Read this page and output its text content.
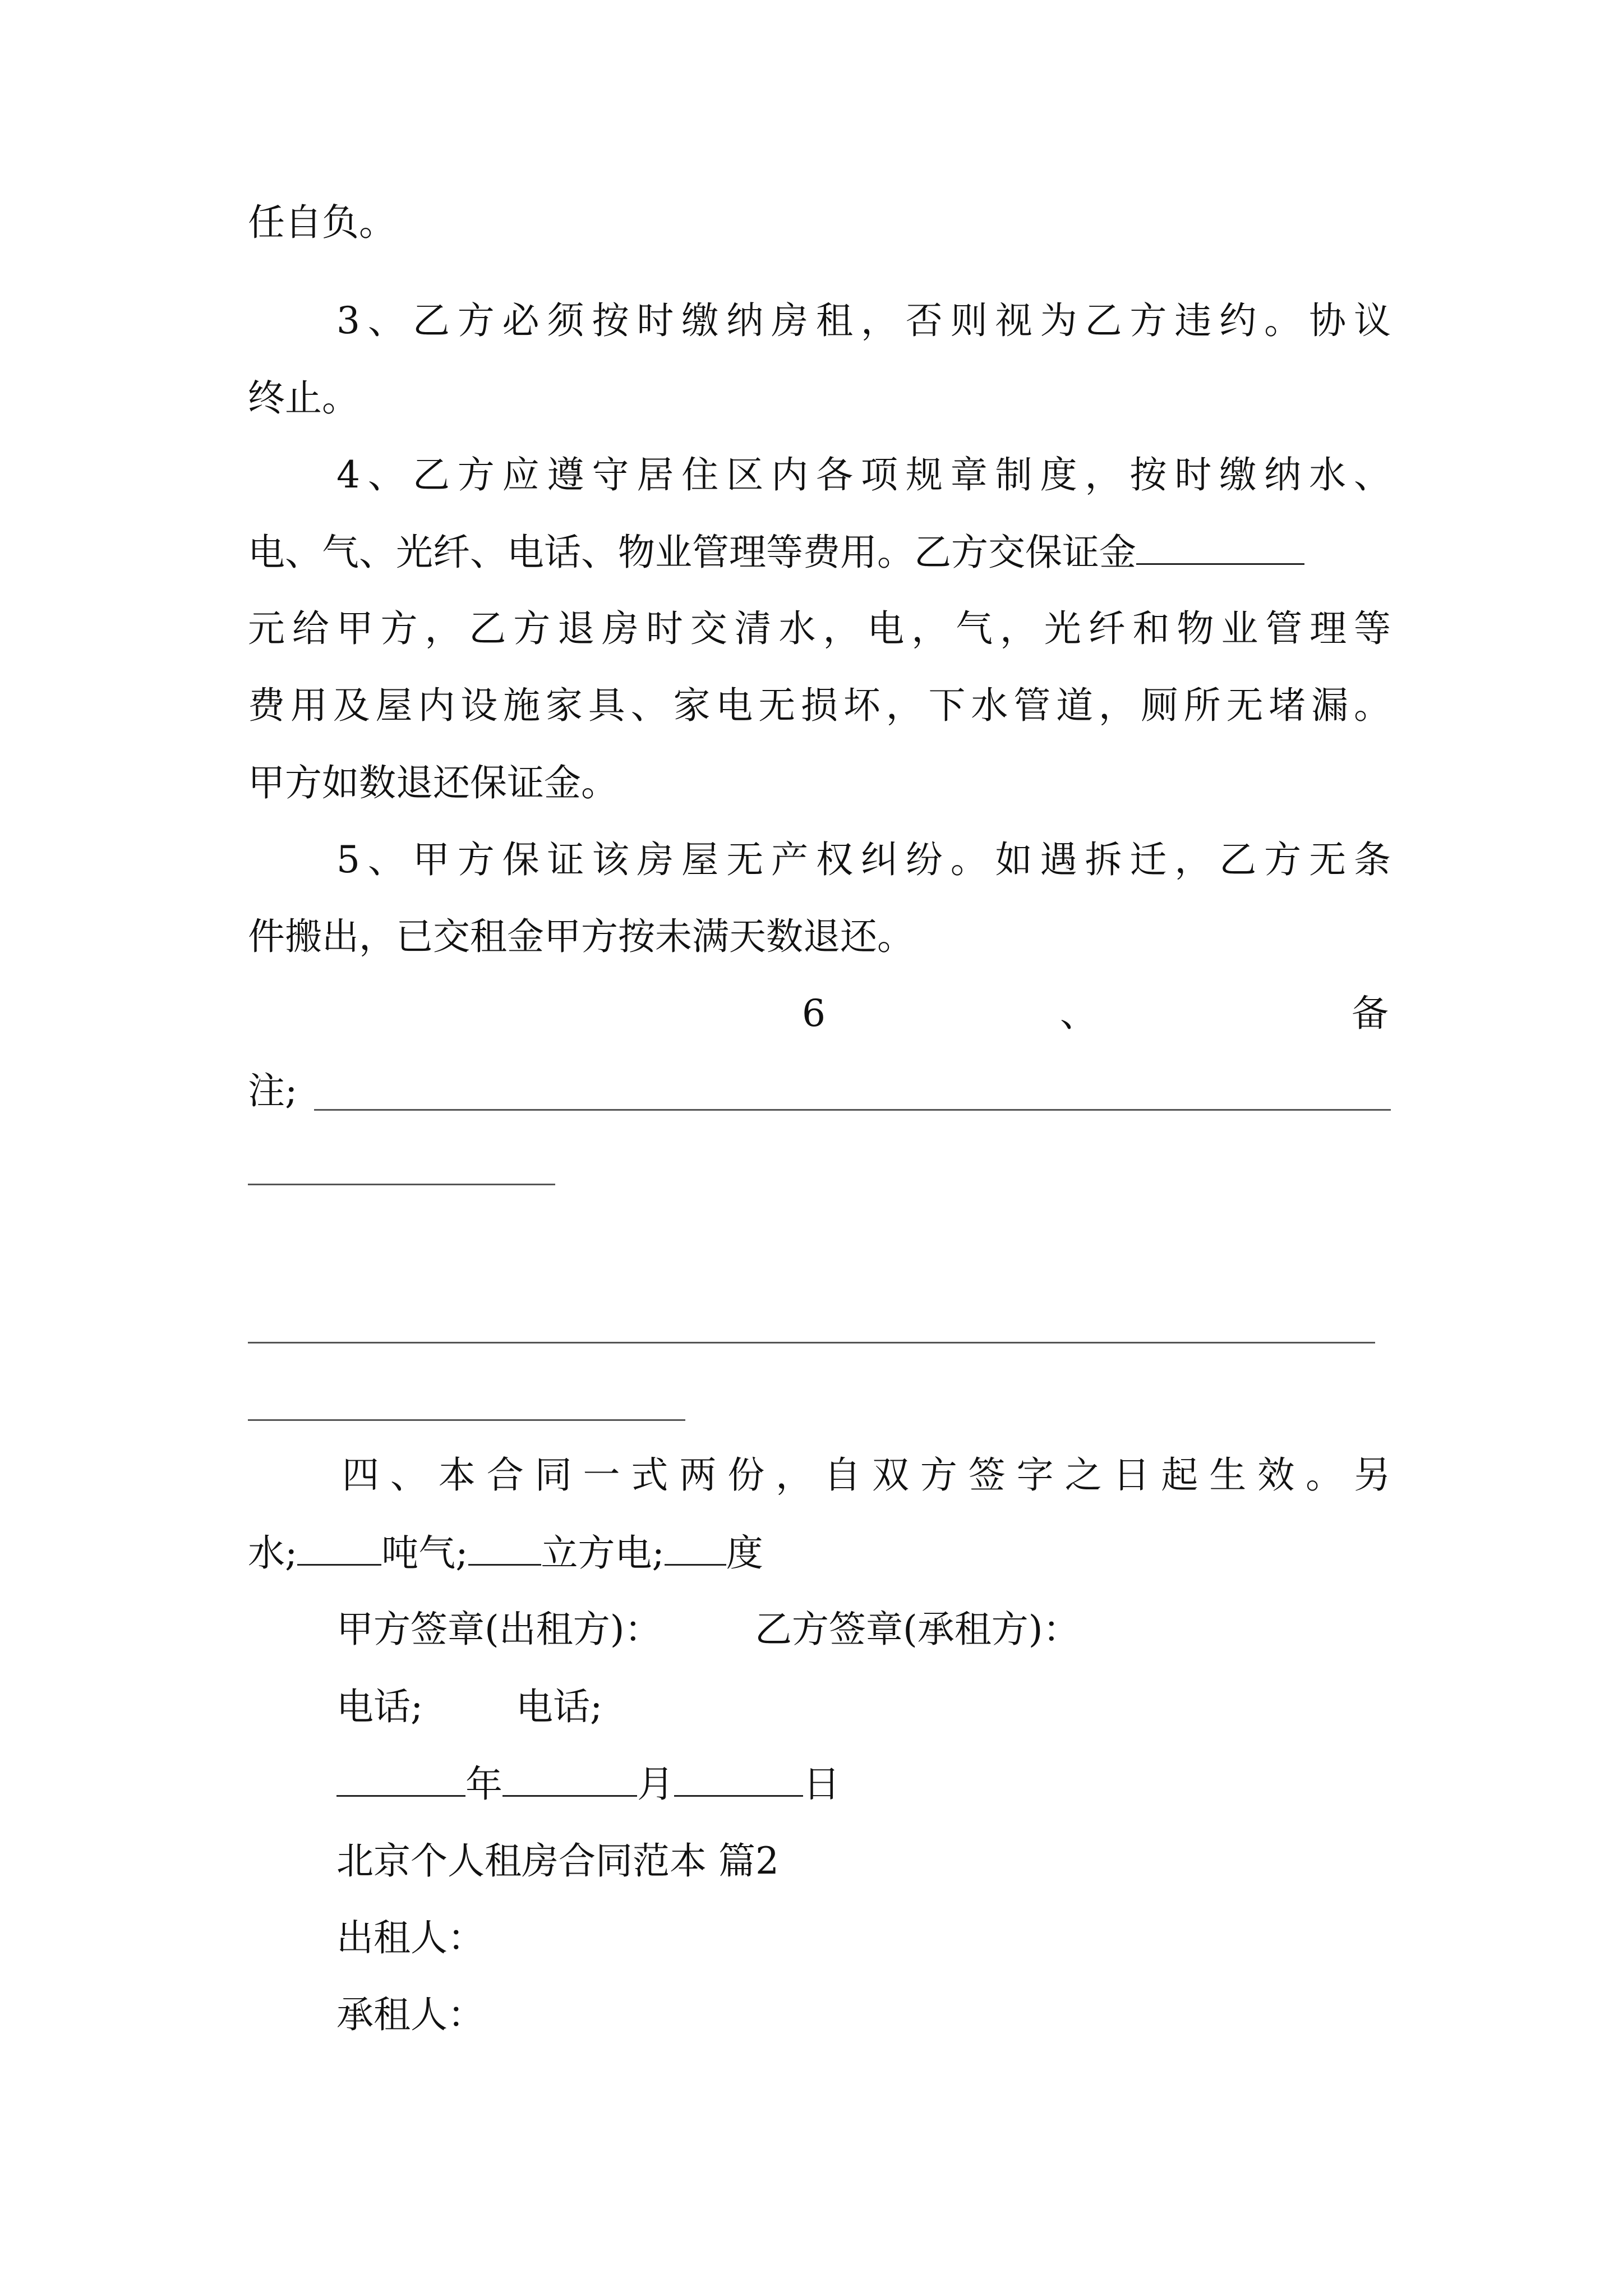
任自负。
3、乙方必须按时缴纳房租，否则视为乙方违约。协议
终止。
4、乙方应遵守居住区内各项规章制度，按时缴纳水、
电、气、光纤、电话、物业管理等费用。乙方交保证金
元给甲方，乙方退房时交清水，电，气，光纤和物业管理等
费用及屋内设施家具、家电无损坏，下水管道，厕所无堵漏。
甲方如数退还保证金。
5、甲方保证该房屋无产权纠纷。如遇拆迁，乙方无条
件搬出，已交租金甲方按未满天数退还。
6	、	备
注;
四、本合同一式两份，自双方签字之日起生效。另
水; 吨气; 立方电; 度
甲方签章(出租方)：	乙方签章(承租方)：
电话;	电话;
年	月	日
北京个人租房合同范本 篇2
出租人：
承租人：
